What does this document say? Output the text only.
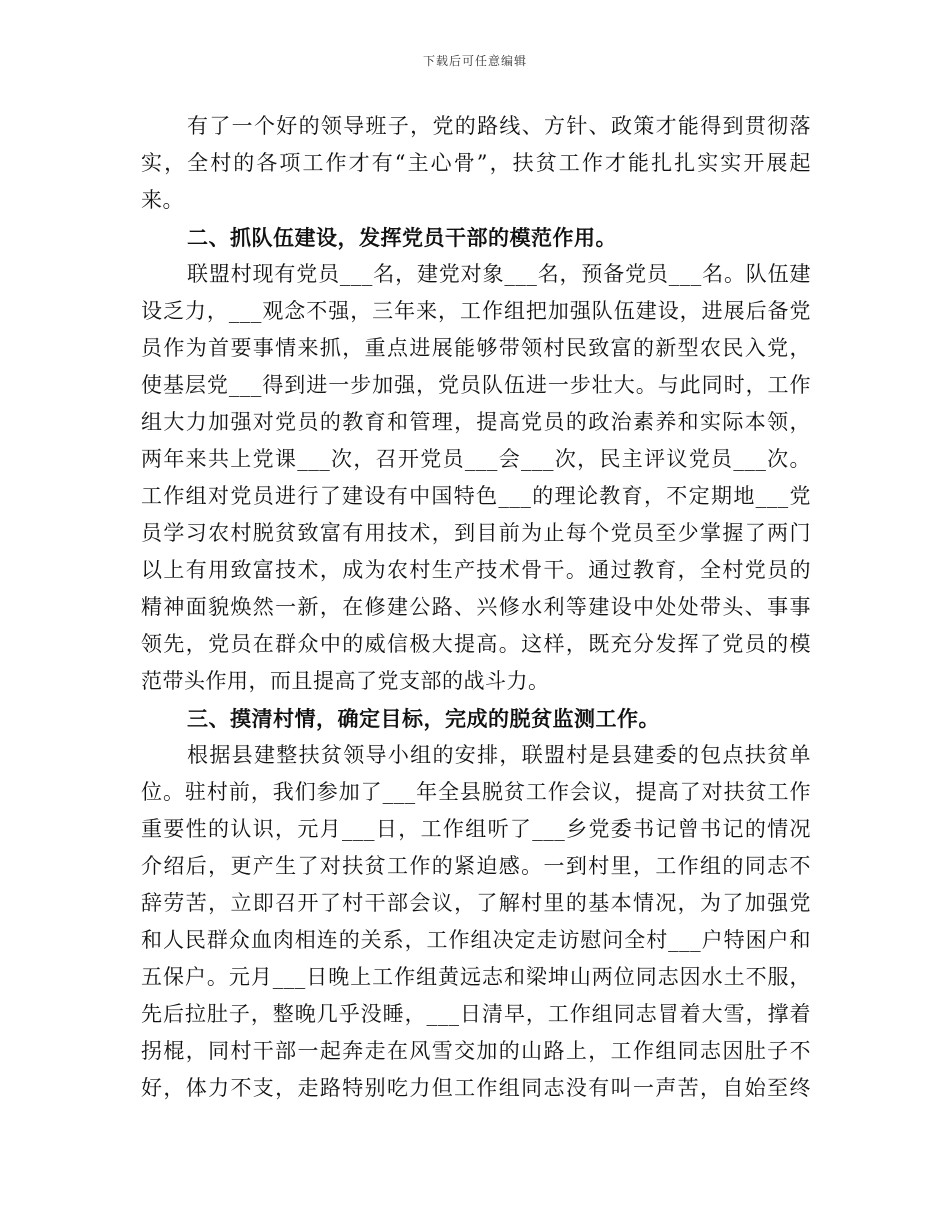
下载后可任意编辑
有了一个好的领导班子，党的路线、方针、政策才能得到贯彻落
实，全村的各项工作才有“主心骨”，扶贫工作才能扎扎实实开展起
来。
二、抓队伍建设，发挥党员干部的模范作用。
联盟村现有党员___名，建党对象___名，预备党员___名。队伍建
设乏力，___观念不强，三年来，工作组把加强队伍建设，进展后备党
员作为首要事情来抓，重点进展能够带领村民致富的新型农民入党，
使基层党___得到进一步加强，党员队伍进一步壮大。与此同时，工作
组大力加强对党员的教育和管理，提高党员的政治素养和实际本领，
两年来共上党课___次，召开党员___会___次，民主评议党员___次。
工作组对党员进行了建设有中国特色___的理论教育，不定期地___党
员学习农村脱贫致富有用技术，到目前为止每个党员至少掌握了两门
以上有用致富技术，成为农村生产技术骨干。通过教育，全村党员的
精神面貌焕然一新，在修建公路、兴修水利等建设中处处带头、事事
领先，党员在群众中的威信极大提高。这样，既充分发挥了党员的模
范带头作用，而且提高了党支部的战斗力。
三、摸清村情，确定目标，完成的脱贫监测工作。
根据县建整扶贫领导小组的安排，联盟村是县建委的包点扶贫单
位。驻村前，我们参加了___年全县脱贫工作会议，提高了对扶贫工作
重要性的认识，元月___日，工作组听了___乡党委书记曾书记的情况
介绍后，更产生了对扶贫工作的紧迫感。一到村里，工作组的同志不
辞劳苦，立即召开了村干部会议，了解村里的基本情况，为了加强党
和人民群众血肉相连的关系，工作组决定走访慰问全村___户特困户和
五保户。元月___日晚上工作组黄远志和梁坤山两位同志因水土不服，
先后拉肚子，整晚几乎没睡，___日清早，工作组同志冒着大雪，撑着
拐棍，同村干部一起奔走在风雪交加的山路上，工作组同志因肚子不
好，体力不支，走路特别吃力但工作组同志没有叫一声苦，自始至终
